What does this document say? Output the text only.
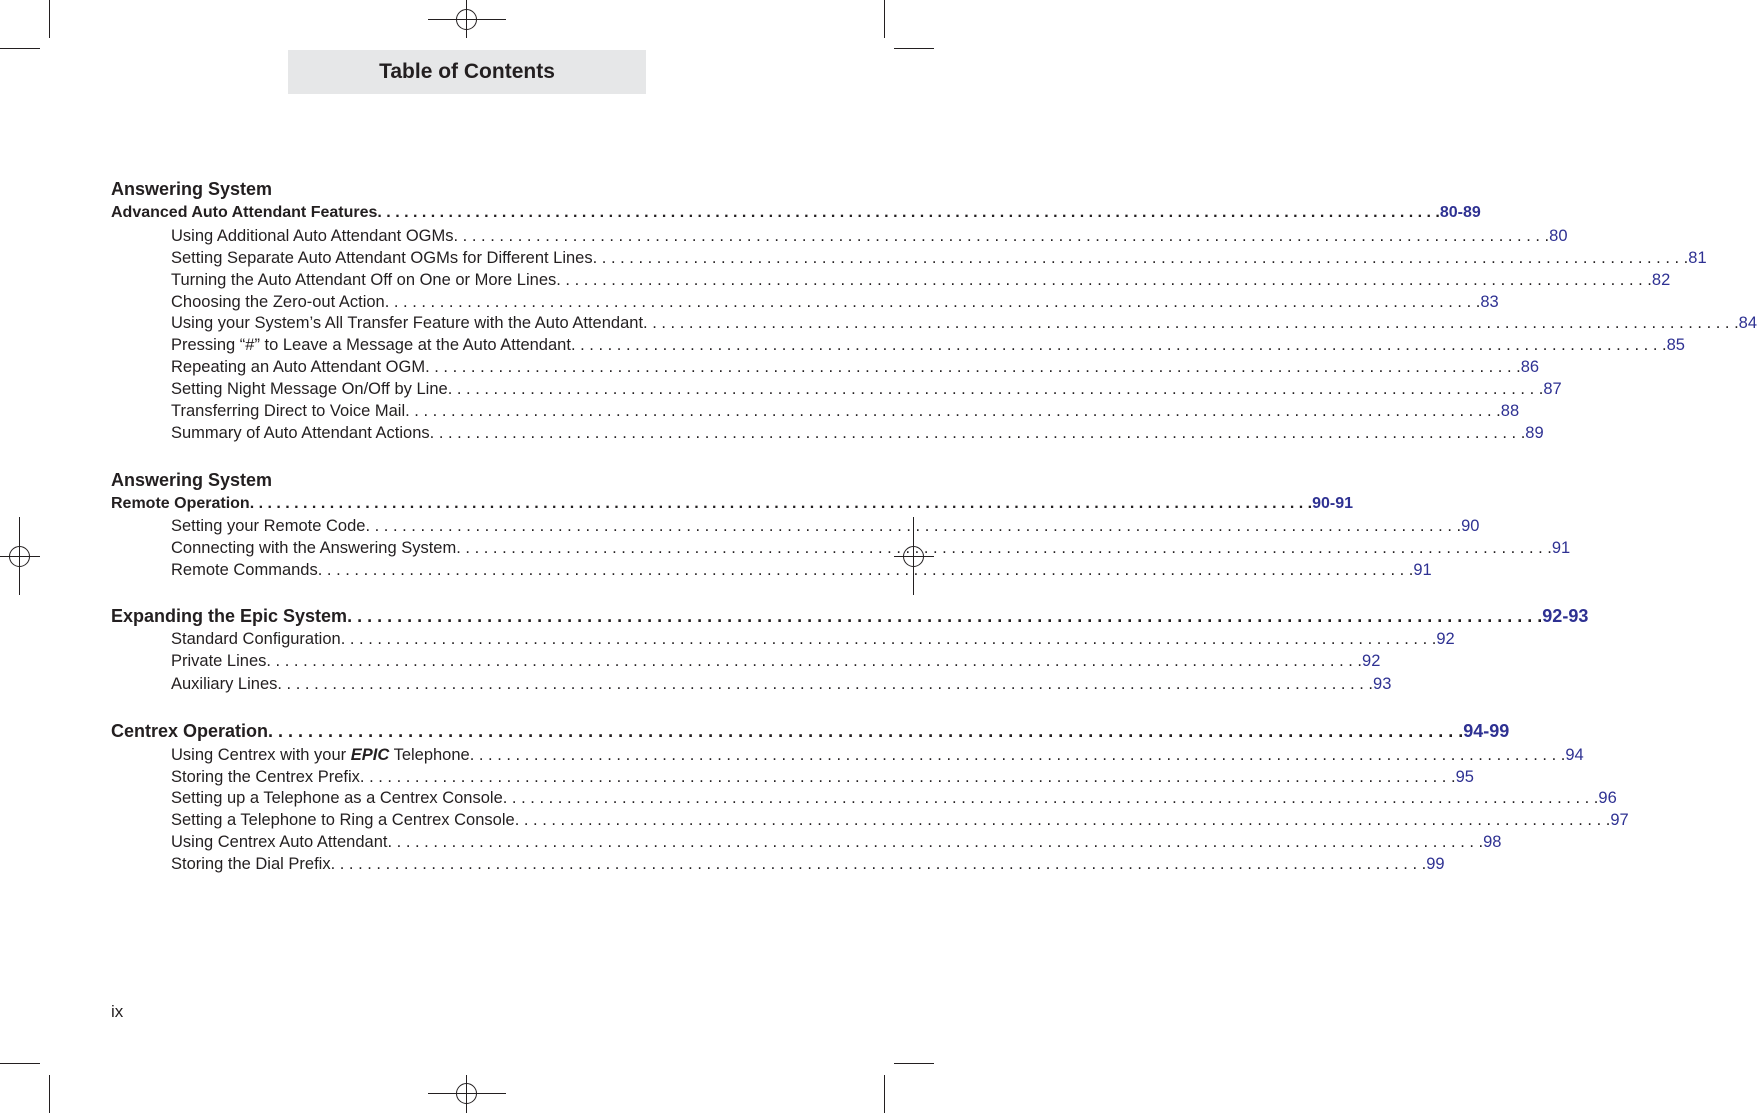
Table of Contents
Answering System
Advanced Auto Attendant Features . . . . . . . . . . . . . . . . . . . . . . . . . . . . . . . . . . . . . . . . . . . . . . . . . . . . . . . . . . . . . . . . . . . . . . . . . . . . . . . . . . . . . . . . . . . . . . . . . . . . . . . . . . . . . . . . . . . . . . . . 80-89
Using Additional Auto Attendant OGMs . . . . . . . . . . . . . . . . . . . . . . . . . . . . . . . . . . . . . . . . . . . . . . . . . . . . . . . . . . . . . . . . . . . . . . . . . . . . . . . . . . . . . . . . . . . . . . . . . . . . . . . . . . . . . . . . . . . . . . . . 80
Setting Separate Auto Attendant OGMs for Different Lines . . . . . . . . . . . . . . . . . . . . . . . . . . . . . . . . . . . . . . . . . . . . . . . . . . . . . . . . . . . . . . . . . . . . . . . . . . . . . . . . . . . . . . . . . . . . . . . . . . . . . . . . . . . . . . . . . . . . . . . . 81
Turning the Auto Attendant Off on One or More Lines . . . . . . . . . . . . . . . . . . . . . . . . . . . . . . . . . . . . . . . . . . . . . . . . . . . . . . . . . . . . . . . . . . . . . . . . . . . . . . . . . . . . . . . . . . . . . . . . . . . . . . . . . . . . . . . . . . . . . . . . 82
Choosing the Zero-out Action . . . . . . . . . . . . . . . . . . . . . . . . . . . . . . . . . . . . . . . . . . . . . . . . . . . . . . . . . . . . . . . . . . . . . . . . . . . . . . . . . . . . . . . . . . . . . . . . . . . . . . . . . . . . . . . . . . . . . . . . 83
Using your System’s All Transfer Feature with the Auto Attendant . . . . . . . . . . . . . . . . . . . . . . . . . . . . . . . . . . . . . . . . . . . . . . . . . . . . . . . . . . . . . . . . . . . . . . . . . . . . . . . . . . . . . . . . . . . . . . . . . . . . . . . . . . . . . . . . . . . . . . . . 84
Pressing “#” to Leave a Message at the Auto Attendant . . . . . . . . . . . . . . . . . . . . . . . . . . . . . . . . . . . . . . . . . . . . . . . . . . . . . . . . . . . . . . . . . . . . . . . . . . . . . . . . . . . . . . . . . . . . . . . . . . . . . . . . . . . . . . . . . . . . . . . . 85
Repeating an Auto Attendant OGM . . . . . . . . . . . . . . . . . . . . . . . . . . . . . . . . . . . . . . . . . . . . . . . . . . . . . . . . . . . . . . . . . . . . . . . . . . . . . . . . . . . . . . . . . . . . . . . . . . . . . . . . . . . . . . . . . . . . . . . . 86
Setting Night Message On/Off by Line . . . . . . . . . . . . . . . . . . . . . . . . . . . . . . . . . . . . . . . . . . . . . . . . . . . . . . . . . . . . . . . . . . . . . . . . . . . . . . . . . . . . . . . . . . . . . . . . . . . . . . . . . . . . . . . . . . . . . . . . 87
Transferring Direct to Voice Mail . . . . . . . . . . . . . . . . . . . . . . . . . . . . . . . . . . . . . . . . . . . . . . . . . . . . . . . . . . . . . . . . . . . . . . . . . . . . . . . . . . . . . . . . . . . . . . . . . . . . . . . . . . . . . . . . . . . . . . . . 88
Summary of Auto Attendant Actions . . . . . . . . . . . . . . . . . . . . . . . . . . . . . . . . . . . . . . . . . . . . . . . . . . . . . . . . . . . . . . . . . . . . . . . . . . . . . . . . . . . . . . . . . . . . . . . . . . . . . . . . . . . . . . . . . . . . . . . . 89
Answering System
Remote Operation . . . . . . . . . . . . . . . . . . . . . . . . . . . . . . . . . . . . . . . . . . . . . . . . . . . . . . . . . . . . . . . . . . . . . . . . . . . . . . . . . . . . . . . . . . . . . . . . . . . . . . . . . . . . . . . . . . . . . . . . 90-91
Setting your Remote Code . . . . . . . . . . . . . . . . . . . . . . . . . . . . . . . . . . . . . . . . . . . . . . . . . . . . . . . . . . . . . . . . . . . . . . . . . . . . . . . . . . . . . . . . . . . . . . . . . . . . . . . . . . . . . . . . . . . . . . . . 90
Connecting with the Answering System . . . . . . . . . . . . . . . . . . . . . . . . . . . . . . . . . . . . . . . . . . . . . . . . . . . . . . . . . . . . . . . . . . . . . . . . . . . . . . . . . . . . . . . . . . . . . . . . . . . . . . . . . . . . . . . . . . . . . . . . 91
Remote Commands . . . . . . . . . . . . . . . . . . . . . . . . . . . . . . . . . . . . . . . . . . . . . . . . . . . . . . . . . . . . . . . . . . . . . . . . . . . . . . . . . . . . . . . . . . . . . . . . . . . . . . . . . . . . . . . . . . . . . . . . 91
Expanding the Epic System . . . . . . . . . . . . . . . . . . . . . . . . . . . . . . . . . . . . . . . . . . . . . . . . . . . . . . . . . . . . . . . . . . . . . . . . . . . . . . . . . . . . . . . . . . . . . . . . . . . . . . . . . . . . . . . . . . . . . . . . 92-93
Standard Configuration . . . . . . . . . . . . . . . . . . . . . . . . . . . . . . . . . . . . . . . . . . . . . . . . . . . . . . . . . . . . . . . . . . . . . . . . . . . . . . . . . . . . . . . . . . . . . . . . . . . . . . . . . . . . . . . . . . . . . . . . 92
Private Lines . . . . . . . . . . . . . . . . . . . . . . . . . . . . . . . . . . . . . . . . . . . . . . . . . . . . . . . . . . . . . . . . . . . . . . . . . . . . . . . . . . . . . . . . . . . . . . . . . . . . . . . . . . . . . . . . . . . . . . . . 92
Auxiliary Lines . . . . . . . . . . . . . . . . . . . . . . . . . . . . . . . . . . . . . . . . . . . . . . . . . . . . . . . . . . . . . . . . . . . . . . . . . . . . . . . . . . . . . . . . . . . . . . . . . . . . . . . . . . . . . . . . . . . . . . . . 93
Centrex Operation . . . . . . . . . . . . . . . . . . . . . . . . . . . . . . . . . . . . . . . . . . . . . . . . . . . . . . . . . . . . . . . . . . . . . . . . . . . . . . . . . . . . . . . . . . . . . . . . . . . . . . . . . . . . . . . . . . . . . . . . 94-99
Using Centrex with your EPIC Telephone . . . . . . . . . . . . . . . . . . . . . . . . . . . . . . . . . . . . . . . . . . . . . . . . . . . . . . . . . . . . . . . . . . . . . . . . . . . . . . . . . . . . . . . . . . . . . . . . . . . . . . . . . . . . . . . . . . . . . . . . 94
Storing the Centrex Prefix . . . . . . . . . . . . . . . . . . . . . . . . . . . . . . . . . . . . . . . . . . . . . . . . . . . . . . . . . . . . . . . . . . . . . . . . . . . . . . . . . . . . . . . . . . . . . . . . . . . . . . . . . . . . . . . . . . . . . . . . 95
Setting up a Telephone as a Centrex Console . . . . . . . . . . . . . . . . . . . . . . . . . . . . . . . . . . . . . . . . . . . . . . . . . . . . . . . . . . . . . . . . . . . . . . . . . . . . . . . . . . . . . . . . . . . . . . . . . . . . . . . . . . . . . . . . . . . . . . . . 96
Setting a Telephone to Ring a Centrex Console . . . . . . . . . . . . . . . . . . . . . . . . . . . . . . . . . . . . . . . . . . . . . . . . . . . . . . . . . . . . . . . . . . . . . . . . . . . . . . . . . . . . . . . . . . . . . . . . . . . . . . . . . . . . . . . . . . . . . . . . 97
Using Centrex Auto Attendant . . . . . . . . . . . . . . . . . . . . . . . . . . . . . . . . . . . . . . . . . . . . . . . . . . . . . . . . . . . . . . . . . . . . . . . . . . . . . . . . . . . . . . . . . . . . . . . . . . . . . . . . . . . . . . . . . . . . . . . . 98
Storing the Dial Prefix . . . . . . . . . . . . . . . . . . . . . . . . . . . . . . . . . . . . . . . . . . . . . . . . . . . . . . . . . . . . . . . . . . . . . . . . . . . . . . . . . . . . . . . . . . . . . . . . . . . . . . . . . . . . . . . . . . . . . . . . 99
ix
